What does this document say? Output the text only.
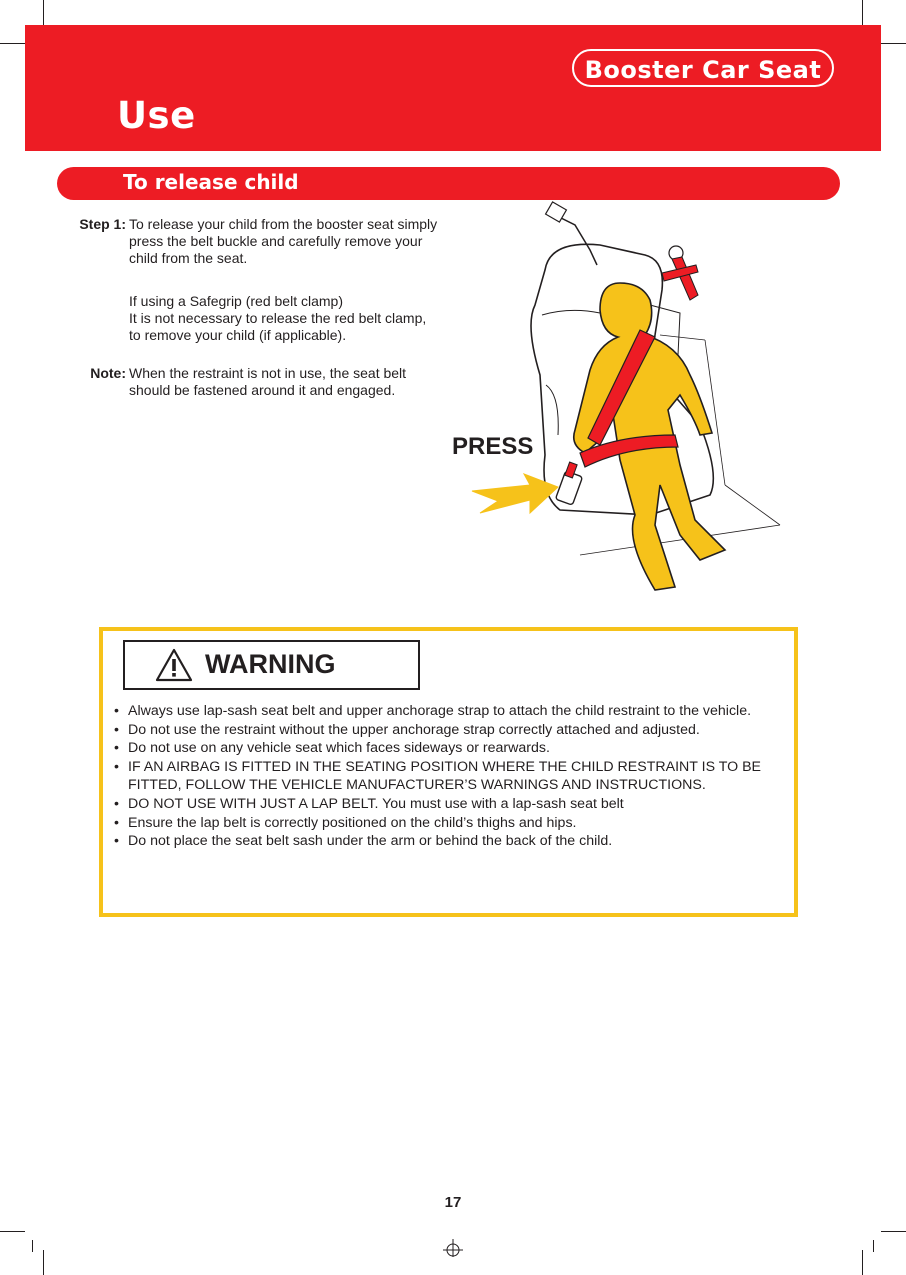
Booster Car Seat
Use
To release child
Step 1: To release your child from the booster seat simply
press the belt buckle and carefully remove your
child from the seat.
If using a Safegrip (red belt clamp)
It is not necessary to release the red belt clamp,
to remove your child (if applicable).
Note: When the restraint is not in use, the seat belt
should be fastened around it and engaged.
PRESS
WARNING
• Always use lap-sash seat belt and upper anchorage strap to attach the child restraint to the vehicle.
• Do not use the restraint without the upper anchorage strap correctly attached and adjusted.
• Do not use on any vehicle seat which faces sideways or rearwards.
• IF AN AIRBAG IS FITTED IN THE SEATING POSITION WHERE THE CHILD RESTRAINT IS TO BE FITTED, FOLLOW THE VEHICLE MANUFACTURER’S WARNINGS AND INSTRUCTIONS.
• DO NOT USE WITH JUST A LAP BELT. You must use with a lap-sash seat belt
• Ensure the lap belt is correctly positioned on the child’s thighs and hips.
• Do not place the seat belt sash under the arm or behind the back of the child.
17
